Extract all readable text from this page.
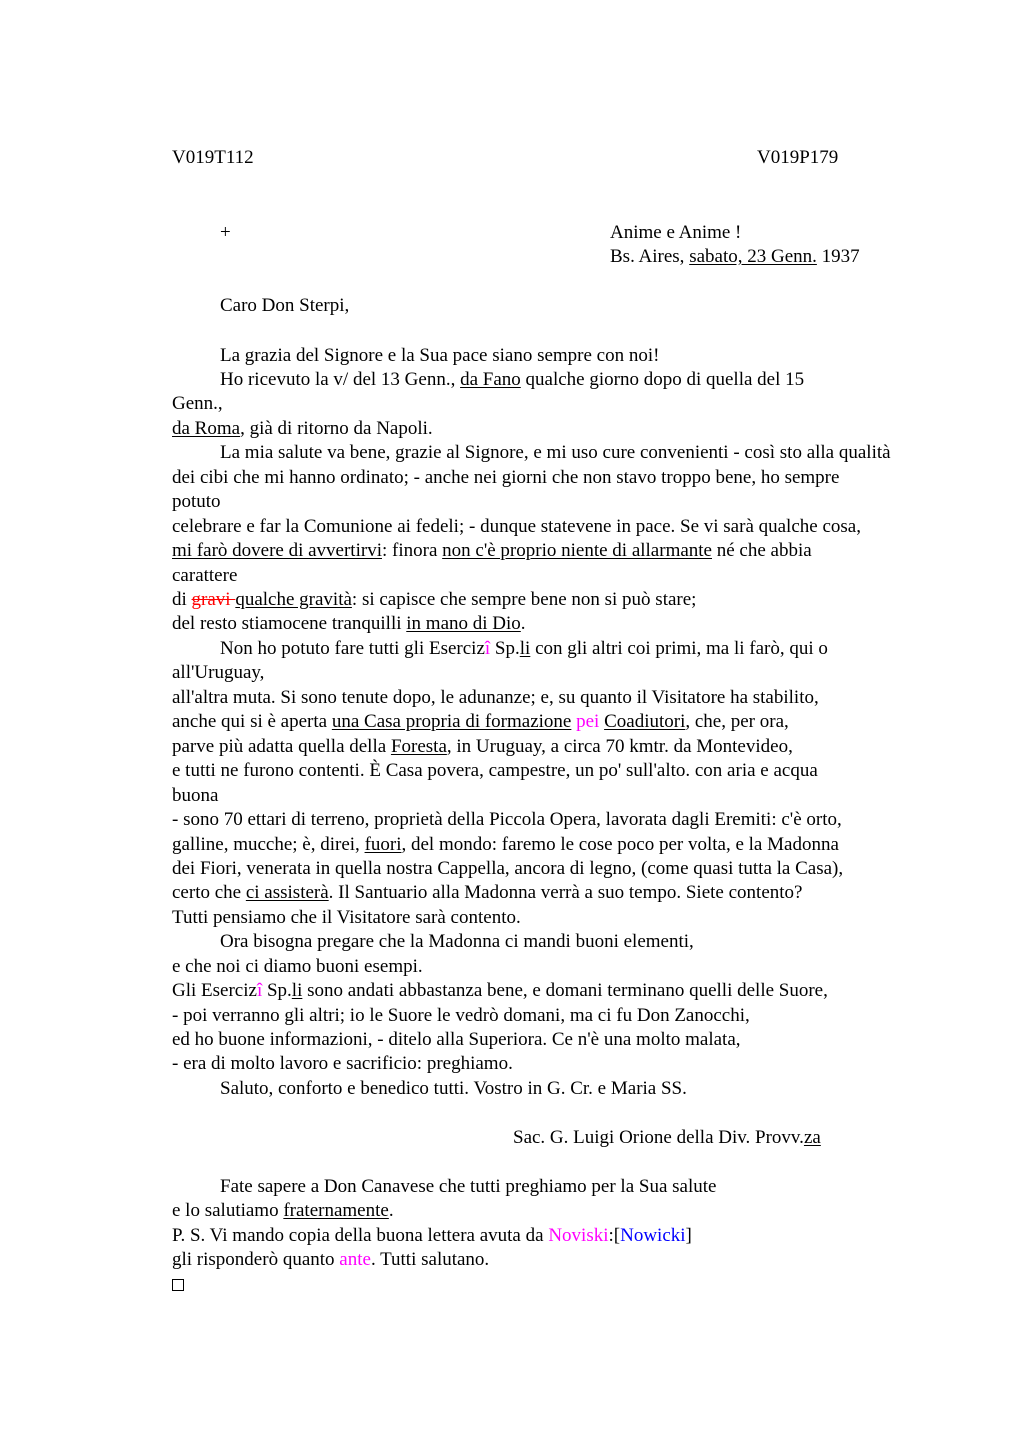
V019T112	V019P179
+	Anime e Anime !
Bs. Aires, sabato, 23 Genn. 1937
Caro Don Sterpi,
La grazia del Signore e la Sua pace siano sempre con noi!
Ho ricevuto la v/ del 13 Genn., da Fano qualche giorno dopo di quella del 15
Genn.,
da Roma, già di ritorno da Napoli.
La mia salute va bene, grazie al Signore, e mi uso cure convenienti - così sto alla qualità
dei cibi che mi hanno ordinato; - anche nei giorni che non stavo troppo bene, ho sempre
potuto
celebrare e far la Comunione ai fedeli; - dunque statevene in pace. Se vi sarà qualche cosa,
mi farò dovere di avvertirvi: finora non c'è proprio niente di allarmante né che abbia
carattere
di gravi qualche gravità: si capisce che sempre bene non si può stare;
del resto stiamocene tranquilli in mano di Dio.
Non ho potuto fare tutti gli Esercizî Sp.li con gli altri coi primi, ma li farò, qui o
all'Uruguay,
all'altra muta. Si sono tenute dopo, le adunanze; e, su quanto il Visitatore ha stabilito,
anche qui si è aperta una Casa propria di formazione pei Coadiutori, che, per ora,
parve più adatta quella della Foresta, in Uruguay, a circa 70 kmtr. da Montevideo,
e tutti ne furono contenti. È Casa povera, campestre, un po' sull'alto. con aria e acqua
buona
- sono 70 ettari di terreno, proprietà della Piccola Opera, lavorata dagli Eremiti: c'è orto,
galline, mucche; è, direi, fuori, del mondo: faremo le cose poco per volta, e la Madonna
dei Fiori, venerata in quella nostra Cappella, ancora di legno, (come quasi tutta la Casa),
certo che ci assisterà. Il Santuario alla Madonna verrà a suo tempo. Siete contento?
Tutti pensiamo che il Visitatore sarà contento.
Ora bisogna pregare che la Madonna ci mandi buoni elementi,
e che noi ci diamo buoni esempi.
Gli Esercizî Sp.li sono andati abbastanza bene, e domani terminano quelli delle Suore,
- poi verranno gli altri; io le Suore le vedrò domani, ma ci fu Don Zanocchi,
ed ho buone informazioni, - ditelo alla Superiora. Ce n'è una molto malata,
- era di molto lavoro e sacrificio: preghiamo.
Saluto, conforto e benedico tutti. Vostro in G. Cr. e Maria SS.
Sac. G. Luigi Orione della Div. Provv.za
Fate sapere a Don Canavese che tutti preghiamo per la Sua salute
e lo salutiamo fraternamente.
P. S. Vi mando copia della buona lettera avuta da Noviski:[Nowicki]
gli risponderò quanto ante. Tutti salutano.
